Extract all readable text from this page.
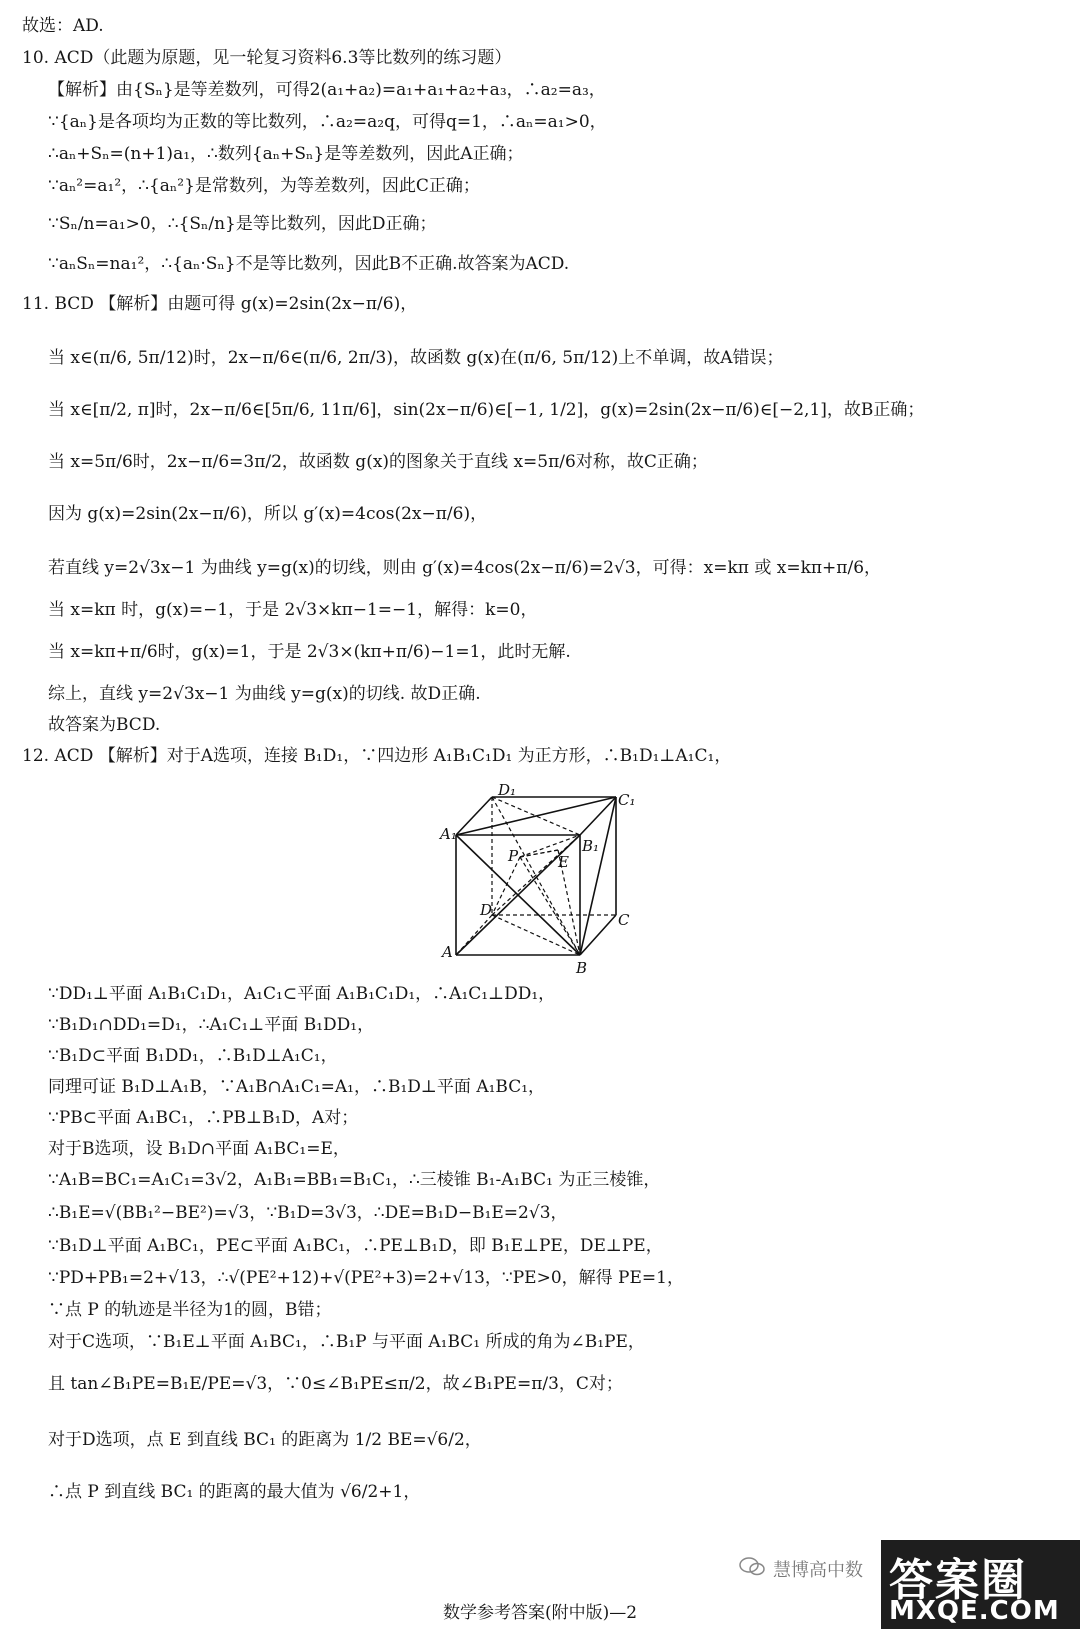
故选：AD.
10. ACD（此题为原题，见一轮复习资料6.3等比数列的练习题）
【解析】由{Sₙ}是等差数列，可得2(a₁+a₂)=a₁+a₁+a₂+a₃，∴a₂=a₃，
∵{aₙ}是各项均为正数的等比数列，∴a₂=a₂q，可得q=1，∴aₙ=a₁>0，
∴aₙ+Sₙ=(n+1)a₁，∴数列{aₙ+Sₙ}是等差数列，因此A正确；
∵aₙ²=a₁²，∴{aₙ²}是常数列，为等差数列，因此C正确；
∵Sₙ/n=a₁>0，∴{Sₙ/n}是等比数列，因此D正确；
∵aₙSₙ=na₁²，∴{aₙ·Sₙ}不是等比数列，因此B不正确.故答案为ACD.
11. BCD 【解析】由题可得 g(x)=2sin(2x−π/6)，
当 x∈(π/6, 5π/12)时，2x−π/6∈(π/6, 2π/3)，故函数 g(x)在(π/6, 5π/12)上不单调，故A错误；
当 x∈[π/2, π]时，2x−π/6∈[5π/6, 11π/6]，sin(2x−π/6)∈[−1, 1/2]，g(x)=2sin(2x−π/6)∈[−2,1]，故B正确；
当 x=5π/6时，2x−π/6=3π/2，故函数 g(x)的图象关于直线 x=5π/6对称，故C正确；
因为 g(x)=2sin(2x−π/6)，所以 g′(x)=4cos(2x−π/6)，
若直线 y=2√3x−1 为曲线 y=g(x)的切线，则由 g′(x)=4cos(2x−π/6)=2√3，可得：x=kπ 或 x=kπ+π/6，
当 x=kπ 时，g(x)=−1，于是 2√3×kπ−1=−1，解得：k=0，
当 x=kπ+π/6时，g(x)=1，于是 2√3×(kπ+π/6)−1=1，此时无解.
综上，直线 y=2√3x−1 为曲线 y=g(x)的切线. 故D正确.
故答案为BCD.
12. ACD 【解析】对于A选项，连接 B₁D₁，∵四边形 A₁B₁C₁D₁ 为正方形，∴B₁D₁⊥A₁C₁，
D₁
C₁
A₁
B₁
P	E
D
C
A
B
∵DD₁⊥平面 A₁B₁C₁D₁，A₁C₁⊂平面 A₁B₁C₁D₁，∴A₁C₁⊥DD₁，
∵B₁D₁∩DD₁=D₁，∴A₁C₁⊥平面 B₁DD₁，
∵B₁D⊂平面 B₁DD₁，∴B₁D⊥A₁C₁，
同理可证 B₁D⊥A₁B，∵A₁B∩A₁C₁=A₁，∴B₁D⊥平面 A₁BC₁，
∵PB⊂平面 A₁BC₁，∴PB⊥B₁D，A对；
对于B选项，设 B₁D∩平面 A₁BC₁=E，
∵A₁B=BC₁=A₁C₁=3√2，A₁B₁=BB₁=B₁C₁，∴三棱锥 B₁-A₁BC₁ 为正三棱锥，
∴B₁E=√(BB₁²−BE²)=√3，∵B₁D=3√3，∴DE=B₁D−B₁E=2√3，
∵B₁D⊥平面 A₁BC₁，PE⊂平面 A₁BC₁，∴PE⊥B₁D，即 B₁E⊥PE，DE⊥PE，
∵PD+PB₁=2+√13，∴√(PE²+12)+√(PE²+3)=2+√13，∵PE>0，解得 PE=1，
∵点 P 的轨迹是半径为1的圆，B错；
对于C选项，∵B₁E⊥平面 A₁BC₁，∴B₁P 与平面 A₁BC₁ 所成的角为∠B₁PE，
且 tan∠B₁PE=B₁E/PE=√3，∵0≤∠B₁PE≤π/2，故∠B₁PE=π/3，C对；
对于D选项，点 E 到直线 BC₁ 的距离为 1/2 BE=√6/2，
∴点 P 到直线 BC₁ 的距离的最大值为 √6/2+1，
慧博高中数 答案圈
MXQE.COM
数学参考答案(附中版)—2
